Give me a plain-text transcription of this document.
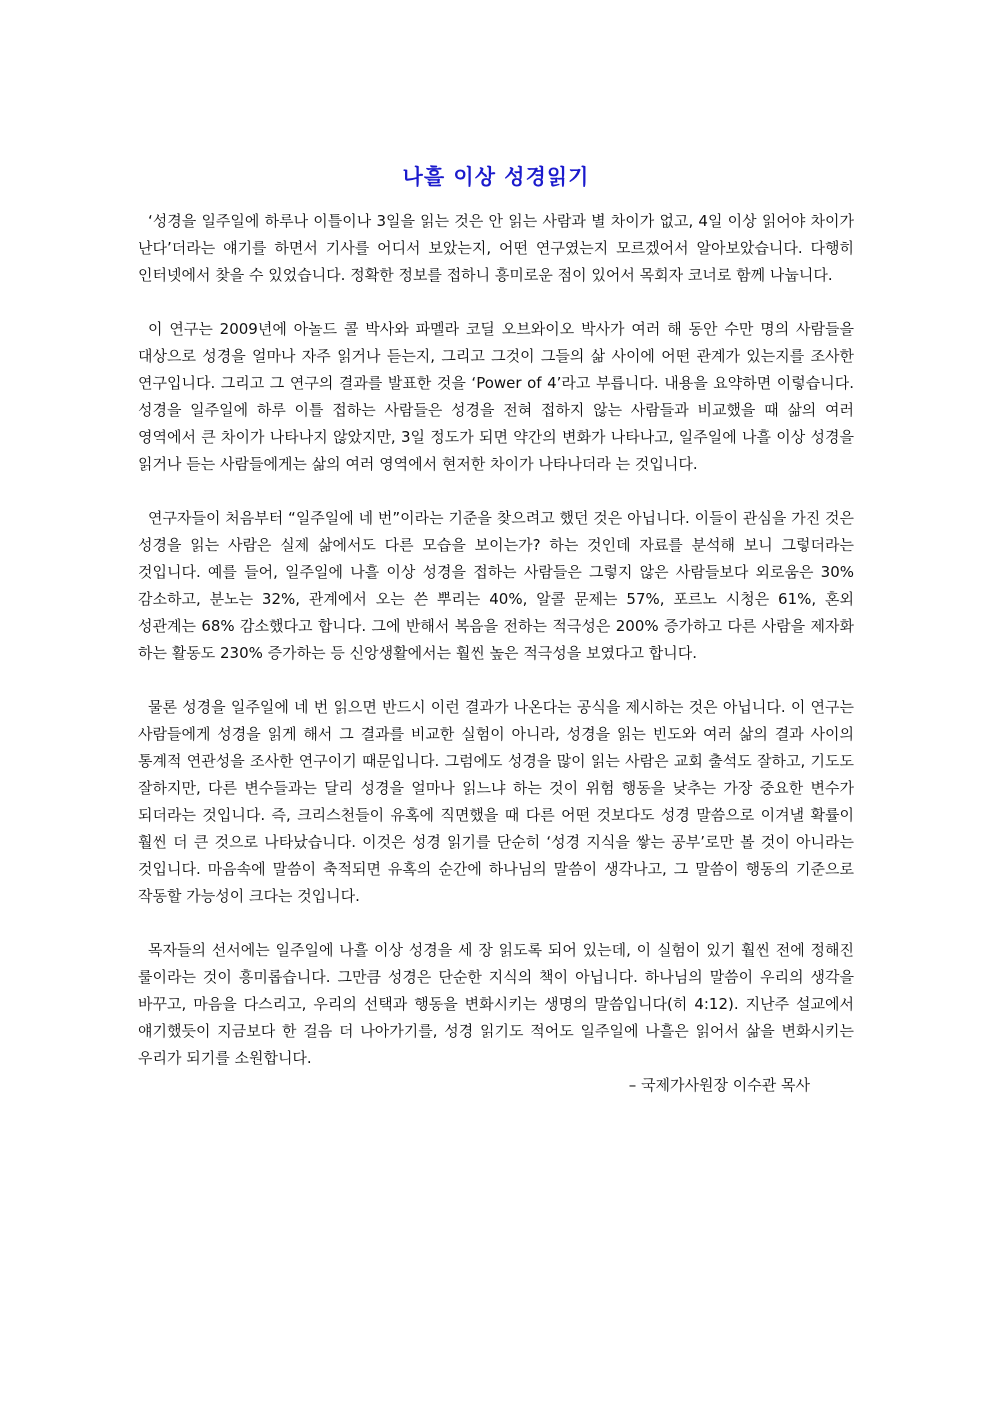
나흘 이상 성경읽기

‘성경을 일주일에 하루나 이틀이나 3일을 읽는 것은 안 읽는 사람과 별 차이가 없고, 4일 이상 읽어야 차이가 난다’더라는 얘기를 하면서 기사를 어디서 보았는지, 어떤 연구였는지 모르겠어서 알아보았습니다. 다행히 인터넷에서 찾을 수 있었습니다. 정확한 정보를 접하니 흥미로운 점이 있어서 목회자 코너로 함께 나눕니다.

이 연구는 2009년에 아놀드 콜 박사와 파멜라 코딜 오브와이오 박사가 여러 해 동안 수만 명의 사람들을 대상으로 성경을 얼마나 자주 읽거나 듣는지, 그리고 그것이 그들의 삶 사이에 어떤 관계가 있는지를 조사한 연구입니다. 그리고 그 연구의 결과를 발표한 것을 ‘Power of 4’라고 부릅니다. 내용을 요약하면 이렇습니다. 성경을 일주일에 하루 이틀 접하는 사람들은 성경을 전혀 접하지 않는 사람들과 비교했을 때 삶의 여러 영역에서 큰 차이가 나타나지 않았지만, 3일 정도가 되면 약간의 변화가 나타나고, 일주일에 나흘 이상 성경을 읽거나 듣는 사람들에게는 삶의 여러 영역에서 현저한 차이가 나타나더라 는 것입니다.

연구자들이 처음부터 “일주일에 네 번”이라는 기준을 찾으려고 했던 것은 아닙니다. 이들이 관심을 가진 것은 성경을 읽는 사람은 실제 삶에서도 다른 모습을 보이는가? 하는 것인데 자료를 분석해 보니 그렇더라는 것입니다. 예를 들어, 일주일에 나흘 이상 성경을 접하는 사람들은 그렇지 않은 사람들보다 외로움은 30% 감소하고, 분노는 32%, 관계에서 오는 쓴 뿌리는 40%, 알콜 문제는 57%, 포르노 시청은 61%, 혼외 성관계는 68% 감소했다고 합니다. 그에 반해서 복음을 전하는 적극성은 200% 증가하고 다른 사람을 제자화 하는 활동도 230% 증가하는 등 신앙생활에서는 훨씬 높은 적극성을 보였다고 합니다.

물론 성경을 일주일에 네 번 읽으면 반드시 이런 결과가 나온다는 공식을 제시하는 것은 아닙니다. 이 연구는 사람들에게 성경을 읽게 해서 그 결과를 비교한 실험이 아니라, 성경을 읽는 빈도와 여러 삶의 결과 사이의 통계적 연관성을 조사한 연구이기 때문입니다. 그럼에도 성경을 많이 읽는 사람은 교회 출석도 잘하고, 기도도 잘하지만, 다른 변수들과는 달리 성경을 얼마나 읽느냐 하는 것이 위험 행동을 낮추는 가장 중요한 변수가 되더라는 것입니다. 즉, 크리스천들이 유혹에 직면했을 때 다른 어떤 것보다도 성경 말씀으로 이겨낼 확률이 훨씬 더 큰 것으로 나타났습니다. 이것은 성경 읽기를 단순히 ‘성경 지식을 쌓는 공부’로만 볼 것이 아니라는 것입니다. 마음속에 말씀이 축적되면 유혹의 순간에 하나님의 말씀이 생각나고, 그 말씀이 행동의 기준으로 작동할 가능성이 크다는 것입니다.

목자들의 선서에는 일주일에 나흘 이상 성경을 세 장 읽도록 되어 있는데, 이 실험이 있기 훨씬 전에 정해진 룰이라는 것이 흥미롭습니다. 그만큼 성경은 단순한 지식의 책이 아닙니다. 하나님의 말씀이 우리의 생각을 바꾸고, 마음을 다스리고, 우리의 선택과 행동을 변화시키는 생명의 말씀입니다(히 4:12). 지난주 설교에서 얘기했듯이 지금보다 한 걸음 더 나아가기를, 성경 읽기도 적어도 일주일에 나흘은 읽어서 삶을 변화시키는 우리가 되기를 소원합니다.

– 국제가사원장 이수관 목사
